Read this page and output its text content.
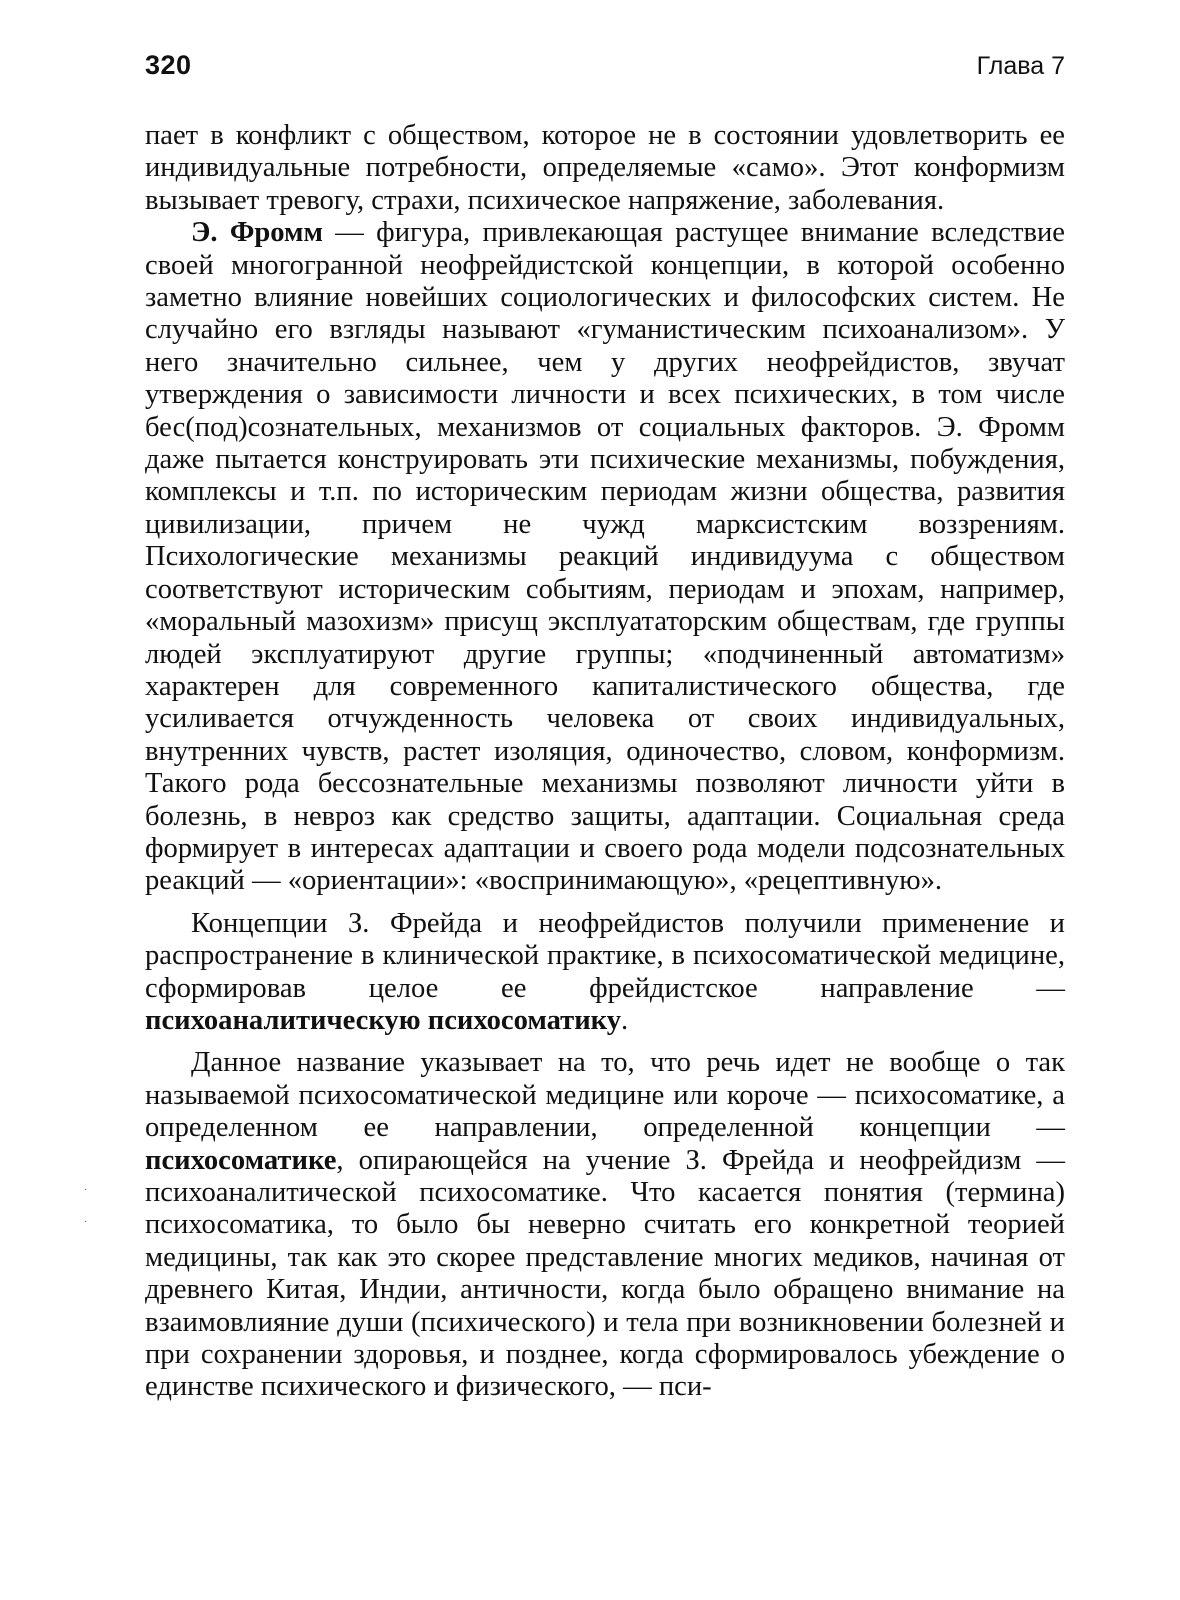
320	Глава 7

пает в конфликт с обществом, которое не в состоянии удовлетворить ее индивидуальные потребности, определяемые «само». Этот конформизм вызывает тревогу, страхи, психическое напряжение, заболевания.

Э. Фромм — фигура, привлекающая растущее внимание вследствие своей многогранной неофрейдистской концепции, в которой особенно заметно влияние новейших социологических и философских систем. Не случайно его взгляды называют «гуманистическим психоанализом». У него значительно сильнее, чем у других неофрейдистов, звучат утверждения о зависимости личности и всех психических, в том числе бес(под)сознательных, механизмов от социальных факторов. Э. Фромм даже пытается конструировать эти психические механизмы, побуждения, комплексы и т.п. по историческим периодам жизни общества, развития цивилизации, причем не чужд марксистским воззрениям. Психологические механизмы реакций индивидуума с обществом соответствуют историческим событиям, периодам и эпохам, например, «моральный мазохизм» присущ эксплуататорским обществам, где группы людей эксплуатируют другие группы; «подчиненный автоматизм» характерен для современного капиталистического общества, где усиливается отчужденность человека от своих индивидуальных, внутренних чувств, растет изоляция, одиночество, словом, конформизм. Такого рода бессознательные механизмы позволяют личности уйти в болезнь, в невроз как средство защиты, адаптации. Социальная среда формирует в интересах адаптации и своего рода модели подсознательных реакций — «ориентации»: «воспринимающую», «рецептивную».

Концепции З. Фрейда и неофрейдистов получили применение и распространение в клинической практике, в психосоматической медицине, сформировав целое ее фрейдистское направление — психоаналитическую психосоматику.

Данное название указывает на то, что речь идет не вообще о так называемой психосоматической медицине или короче — психосоматике, а определенном ее направлении, определенной концепции — психосоматике, опирающейся на учение З. Фрейда и неофрейдизм — психоаналитической психосоматике. Что касается понятия (термина) психосоматика, то было бы неверно считать его конкретной теорией медицины, так как это скорее представление многих медиков, начиная от древнего Китая, Индии, античности, когда было обращено внимание на взаимовлияние души (психического) и тела при возникновении болезней и при сохранении здоровья, и позднее, когда сформировалось убеждение о единстве психического и физического, — пси-

·
·
